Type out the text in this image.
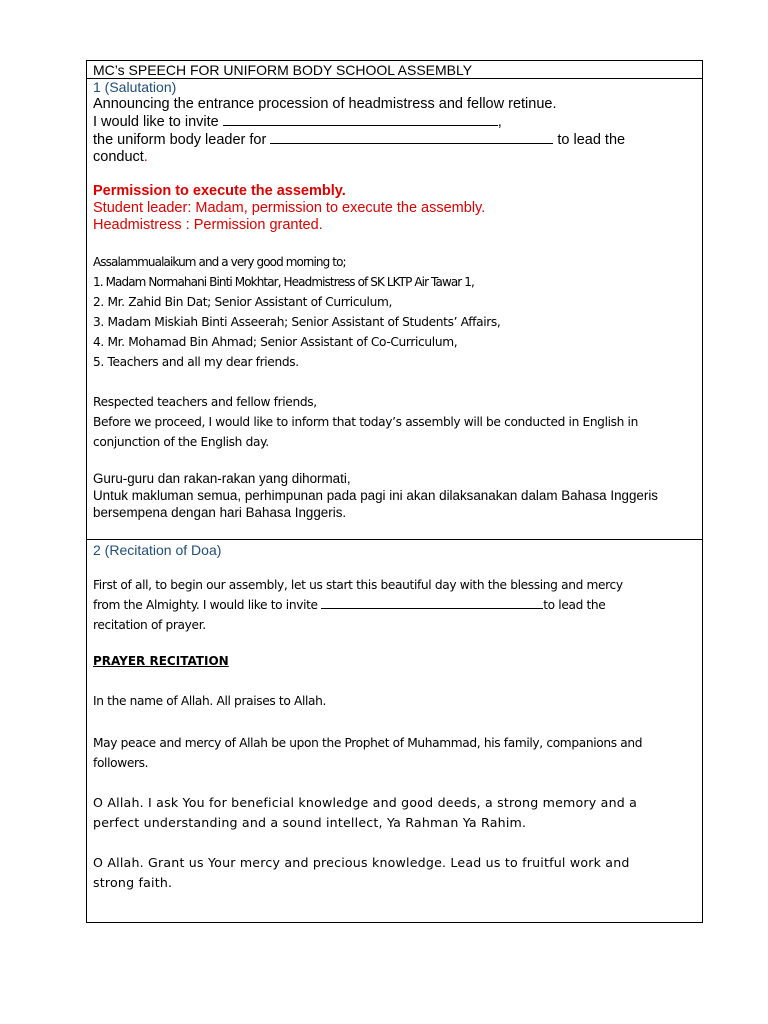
MC’s SPEECH FOR UNIFORM BODY SCHOOL ASSEMBLY
1 (Salutation)
Announcing the entrance procession of headmistress and fellow retinue.
I would like to invite	,
the uniform body leader for	to lead the
conduct.
Permission to execute the assembly.
Student leader: Madam, permission to execute the assembly.
Headmistress : Permission granted.
Assalammualaikum and a very good morning to;
1. Madam Normahani Binti Mokhtar, Headmistress of SK LKTP Air Tawar 1,
2. Mr. Zahid Bin Dat; Senior Assistant of Curriculum,
3. Madam Miskiah Binti Asseerah; Senior Assistant of Students’ Affairs,
4. Mr. Mohamad Bin Ahmad; Senior Assistant of Co-Curriculum,
5. Teachers and all my dear friends.
Respected teachers and fellow friends,
Before we proceed, I would like to inform that today’s assembly will be conducted in English in
conjunction of the English day.
Guru-guru dan rakan-rakan yang dihormati,
Untuk makluman semua, perhimpunan pada pagi ini akan dilaksanakan dalam Bahasa Inggeris
bersempena dengan hari Bahasa Inggeris.
2 (Recitation of Doa)
First of all, to begin our assembly, let us start this beautiful day with the blessing and mercy
from the Almighty. I would like to invite	to lead the
recitation of prayer.
PRAYER RECITATION
In the name of Allah. All praises to Allah.
May peace and mercy of Allah be upon the Prophet of Muhammad, his family, companions and
followers.
O Allah. I ask You for beneficial knowledge and good deeds, a strong memory and a
perfect understanding and a sound intellect, Ya Rahman Ya Rahim.
O Allah. Grant us Your mercy and precious knowledge. Lead us to fruitful work and
strong faith.
